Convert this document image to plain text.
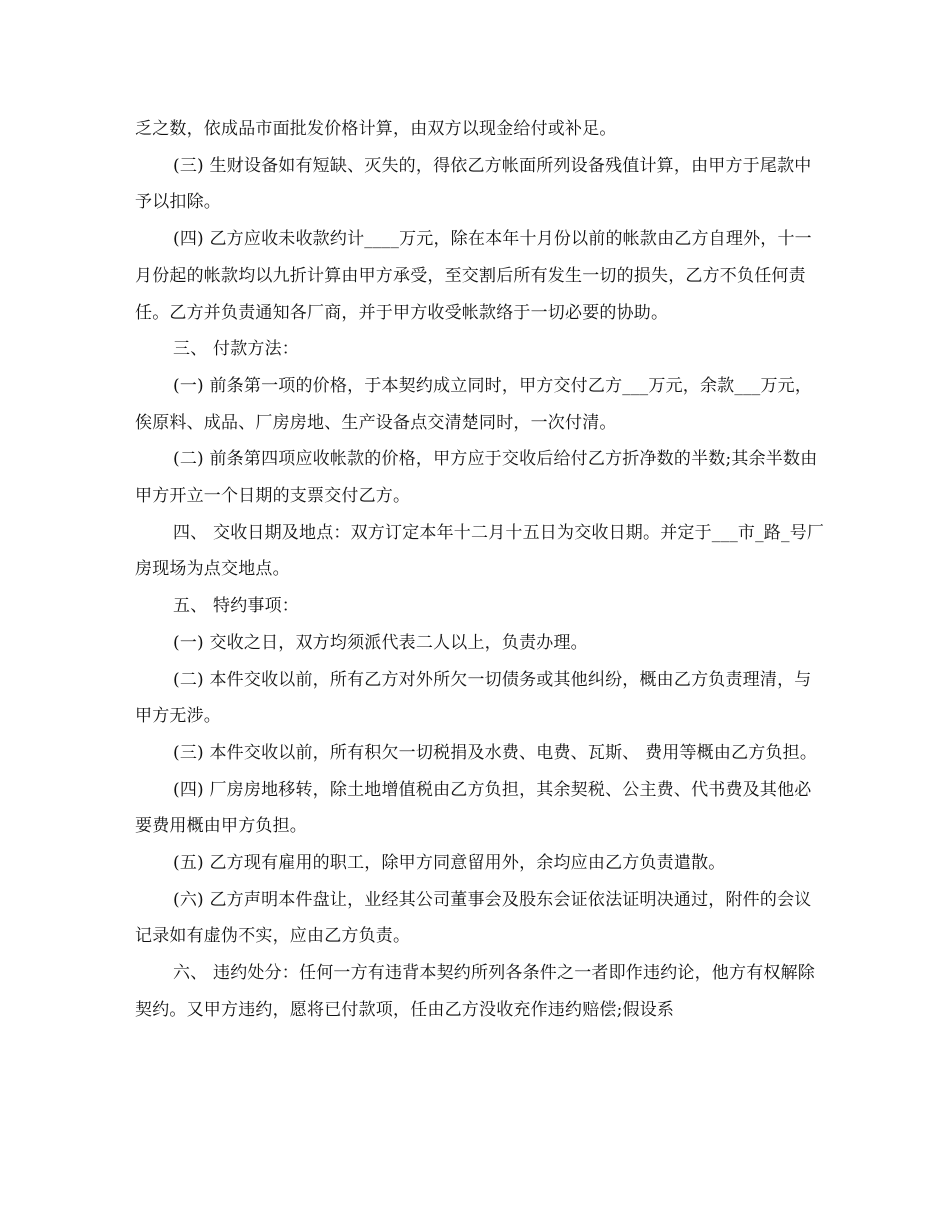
乏之数，依成品市面批发价格计算，由双方以现金给付或补足。

(三) 生财设备如有短缺、灭失的，得依乙方帐面所列设备残值计算，由甲方于尾款中予以扣除。

(四) 乙方应收未收款约计____万元，除在本年十月份以前的帐款由乙方自理外，十一月份起的帐款均以九折计算由甲方承受，至交割后所有发生一切的损失，乙方不负任何责任。乙方并负责通知各厂商，并于甲方收受帐款络于一切必要的协助。

三、 付款方法：

(一) 前条第一项的价格，于本契约成立同时，甲方交付乙方___万元，余款___万元，俟原料、成品、厂房房地、生产设备点交清楚同时，一次付清。

(二) 前条第四项应收帐款的价格，甲方应于交收后给付乙方折净数的半数;其余半数由甲方开立一个日期的支票交付乙方。

四、 交收日期及地点：双方订定本年十二月十五日为交收日期。并定于___市_路_号厂房现场为点交地点。

五、 特约事项：

(一) 交收之日，双方均须派代表二人以上，负责办理。

(二) 本件交收以前，所有乙方对外所欠一切债务或其他纠纷，概由乙方负责理清，与甲方无涉。

(三) 本件交收以前，所有积欠一切税捐及水费、电费、瓦斯、 费用等概由乙方负担。

(四) 厂房房地移转，除土地增值税由乙方负担，其余契税、公主费、代书费及其他必要费用概由甲方负担。

(五) 乙方现有雇用的职工，除甲方同意留用外，余均应由乙方负责遣散。

(六) 乙方声明本件盘让，业经其公司董事会及股东会证依法证明决通过，附件的会议记录如有虚伪不实，应由乙方负责。

六、 违约处分：任何一方有违背本契约所列各条件之一者即作违约论，他方有权解除契约。又甲方违约，愿将已付款项，任由乙方没收充作违约赔偿;假设系
